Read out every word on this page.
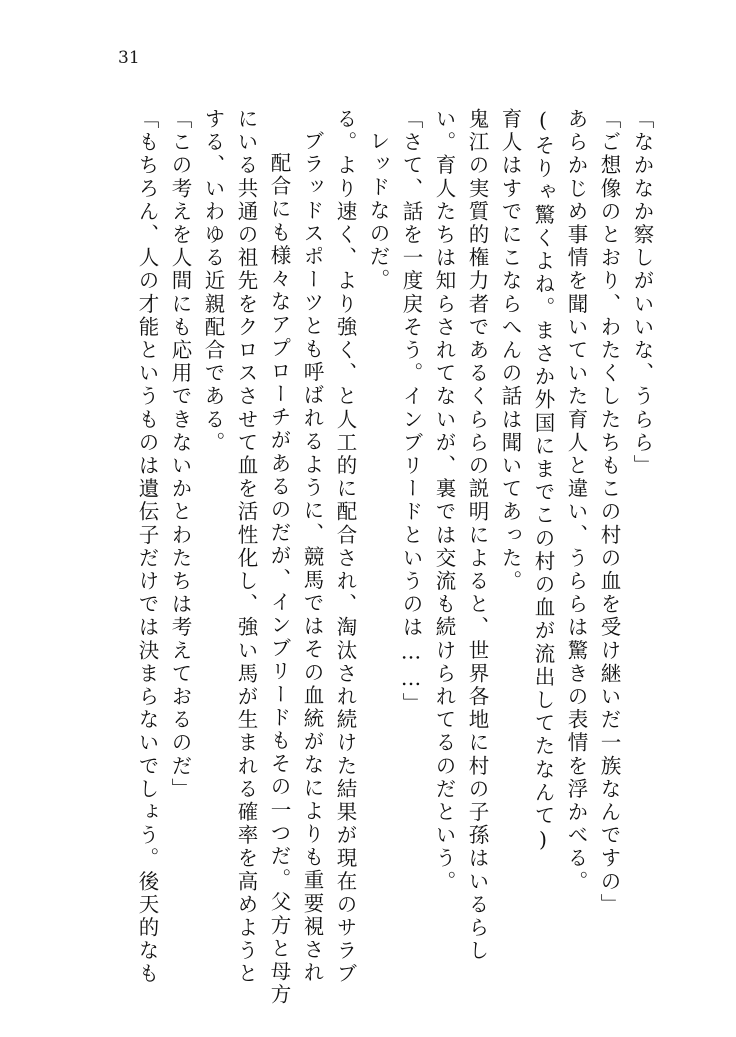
31
「なかなか察しがいいな、うらら」
「ご想像のとおり、わたくしたちもこの村の血を受け継いだ一族なんですの」
あらかじめ事情を聞いていた育人と違い、うららは驚きの表情を浮かべる。
(そりゃ驚くよね。まさか外国にまでこの村の血が流出してたなんて)
育人はすでにこならへんの話は聞いてあった。
鬼江の実質的権力者であるくららの説明によると、世界各地に村の子孫はいるらし
い。育人たちは知らされてないが、裏では交流も続けられてるのだという。
「さて、話を一度戻そう。インブリードというのは……」
レッドなのだ。
る。より速く、より強く、と人工的に配合され、淘汰され続けた結果が現在のサラブ
ブラッドスポーツとも呼ばれるように、競馬ではその血統がなによりも重要視され
配合にも様々なアプローチがあるのだが、インブリードもその一つだ。父方と母方
にいる共通の祖先をクロスさせて血を活性化し、強い馬が生まれる確率を高めようと
する、いわゆる近親配合である。
「この考えを人間にも応用できないかとわたちは考えておるのだ」
「もちろん、人の才能というものは遺伝子だけでは決まらないでしょう。後天的なも
